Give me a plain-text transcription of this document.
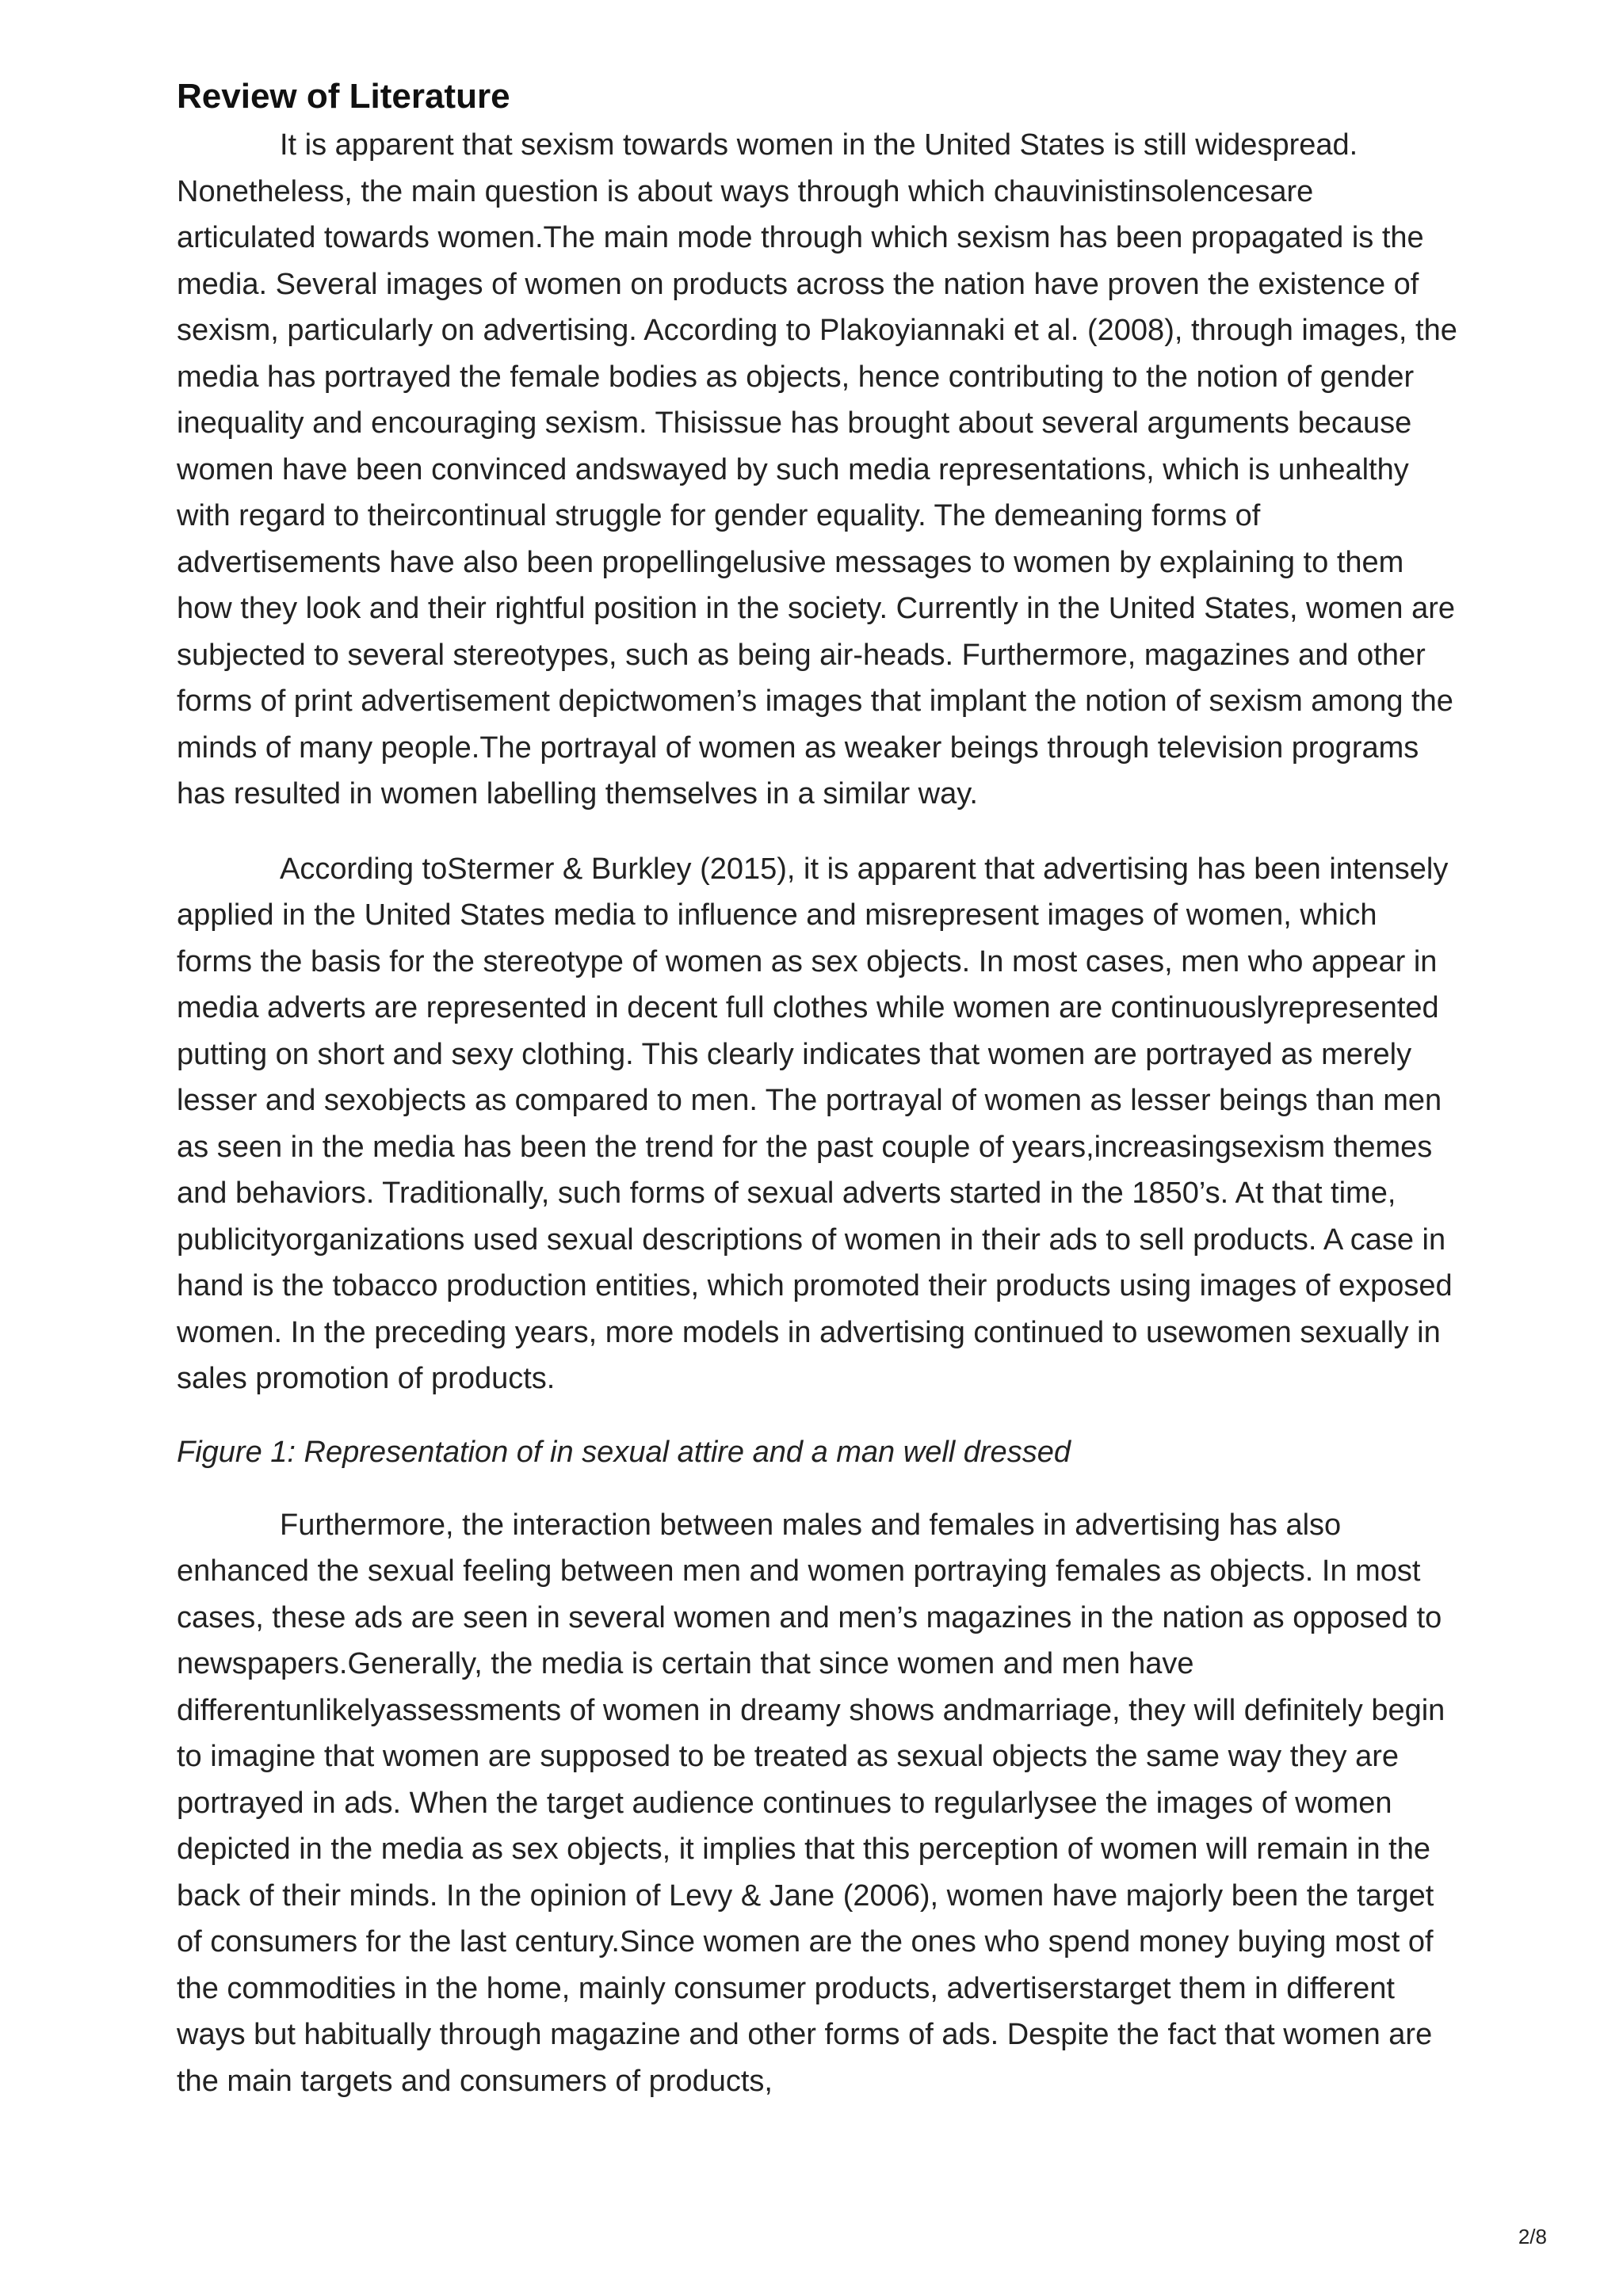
Review of Literature

It is apparent that sexism towards women in the United States is still widespread. Nonetheless, the main question is about ways through which chauvinistinsolencesare articulated towards women.The main mode through which sexism has been propagated is the media. Several images of women on products across the nation have proven the existence of sexism, particularly on advertising. According to Plakoyiannaki et al. (2008), through images, the media has portrayed the female bodies as objects, hence contributing to the notion of gender inequality and encouraging sexism. Thisissue has brought about several arguments because women have been convinced andswayed by such media representations, which is unhealthy with regard to theircontinual struggle for gender equality. The demeaning forms of advertisements have also been propellingelusive messages to women by explaining to them how they look and their rightful position in the society. Currently in the United States, women are subjected to several stereotypes, such as being air-heads. Furthermore, magazines and other forms of print advertisement depictwomen’s images that implant the notion of sexism among the minds of many people.The portrayal of women as weaker beings through television programs has resulted in women labelling themselves in a similar way.

According toStermer & Burkley (2015), it is apparent that advertising has been intensely applied in the United States media to influence and misrepresent images of women, which forms the basis for the stereotype of women as sex objects. In most cases, men who appear in media adverts are represented in decent full clothes while women are continuouslyrepresented putting on short and sexy clothing. This clearly indicates that women are portrayed as merely lesser and sexobjects as compared to men. The portrayal of women as lesser beings than men as seen in the media has been the trend for the past couple of years,increasingsexism themes and behaviors. Traditionally, such forms of sexual adverts started in the 1850’s. At that time, publicityorganizations used sexual descriptions of women in their ads to sell products. A case in hand is the tobacco production entities, which promoted their products using images of exposed women. In the preceding years, more models in advertising continued to usewomen sexually in sales promotion of products.

Figure 1: Representation of in sexual attire and a man well dressed

Furthermore, the interaction between males and females in advertising has also enhanced the sexual feeling between men and women portraying females as objects. In most cases, these ads are seen in several women and men’s magazines in the nation as opposed to newspapers.Generally, the media is certain that since women and men have differentunlikelyassessments of women in dreamy shows andmarriage, they will definitely begin to imagine that women are supposed to be treated as sexual objects the same way they are portrayed in ads. When the target audience continues to regularlysee the images of women depicted in the media as sex objects, it implies that this perception of women will remain in the back of their minds. In the opinion of Levy & Jane (2006), women have majorly been the target of consumers for the last century.Since women are the ones who spend money buying most of the commodities in the home, mainly consumer products, advertiserstarget them in different ways but habitually through magazine and other forms of ads. Despite the fact that women are the main targets and consumers of products,

2/8
